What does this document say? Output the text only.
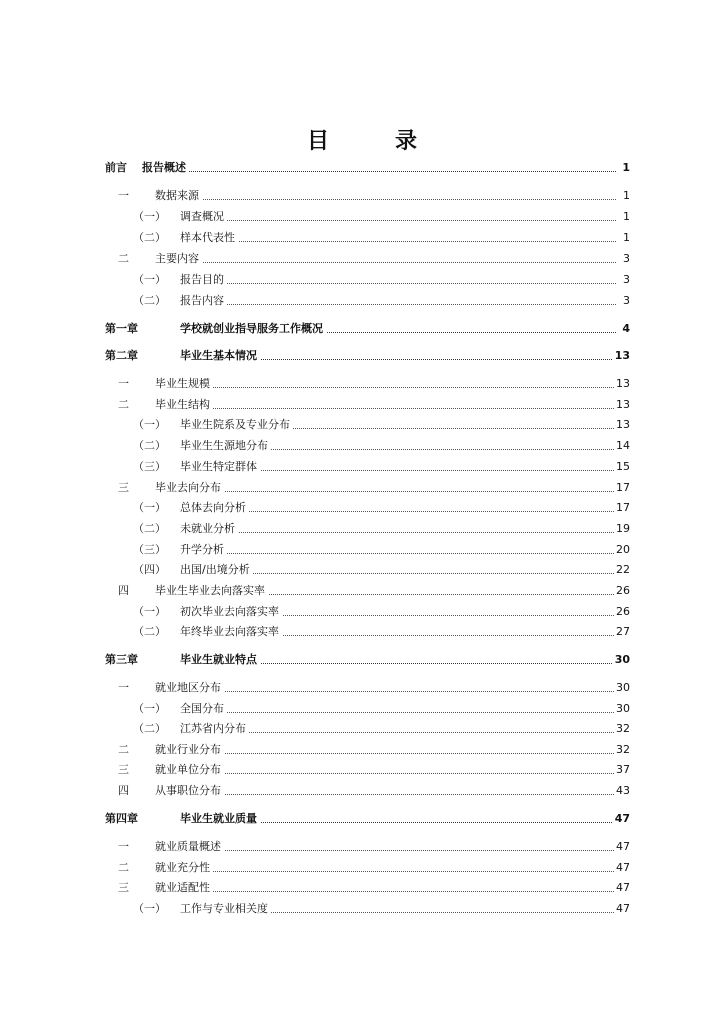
目　录
前言 报告概述	1
一 数据来源	1
（一） 调查概况	1
（二） 样本代表性	1
二 主要内容	3
（一） 报告目的	3
（二） 报告内容	3
第一章	学校就创业指导服务工作概况	4
第二章	毕业生基本情况	13
一 毕业生规模	13
二 毕业生结构	13
（一） 毕业生院系及专业分布	13
（二） 毕业生生源地分布	14
（三） 毕业生特定群体	15
三 毕业去向分布	17
（一） 总体去向分析	17
（二） 未就业分析	19
（三） 升学分析	20
（四） 出国/出境分析	22
四 毕业生毕业去向落实率	26
（一） 初次毕业去向落实率	26
（二） 年终毕业去向落实率	27
第三章	毕业生就业特点	30
一 就业地区分布	30
（一） 全国分布	30
（二） 江苏省内分布	32
二 就业行业分布	32
三 就业单位分布	37
四 从事职位分布	43
第四章	毕业生就业质量	47
一 就业质量概述	47
二 就业充分性	47
三 就业适配性	47
（一） 工作与专业相关度	47
